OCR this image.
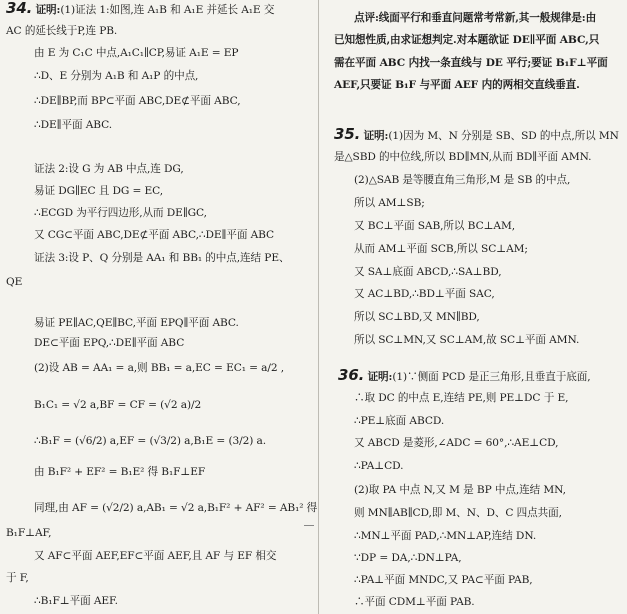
34. 证明:(1)证法 1:如图,连 A₁B 和 A₁E 并延长 A₁E 交
AC 的延长线于P,连 PB.
由 E 为 C₁C 中点,A₁C₁∥CP,易证 A₁E = EP
∴D、E 分别为 A₁B 和 A₁P 的中点,
∴DE∥BP,而 BP⊂平面 ABC,DE⊄平面 ABC,
∴DE∥平面 ABC.
证法 2:设 G 为 AB 中点,连 DG,
易证 DG∥EC 且 DG = EC,
∴ECGD 为平行四边形,从而 DE∥GC,
又 CG⊂平面 ABC,DE⊄平面 ABC,∴DE∥平面 ABC
证法 3:设 P、Q 分别是 AA₁ 和 BB₁ 的中点,连结 PE、
QE
易证 PE∥AC,QE∥BC,平面 EPQ∥平面 ABC.
DE⊂平面 EPQ,∴DE∥平面 ABC
(2)设 AB = AA₁ = a,则 BB₁ = a,EC = EC₁ = a/2 ,
B₁C₁ = √2 a,BF = CF = (√2 a)/2
∴B₁F = (√6/2) a,EF = (√3/2) a,B₁E = (3/2) a.
由 B₁F² + EF² = B₁E² 得 B₁F⊥EF
同理,由 AF = (√2/2) a,AB₁ = √2 a,B₁F² + AF² = AB₁² 得
B₁F⊥AF,
又 AF⊂平面 AEF,EF⊂平面 AEF,且 AF 与 EF 相交
于 F,
∴B₁F⊥平面 AEF.
点评:线面平行和垂直问题常考常新,其一般规律是:由
已知想性质,由求证想判定.对本题欲证 DE∥平面 ABC,只
需在平面 ABC 内找一条直线与 DE 平行;要证 B₁F⊥平面
AEF,只要证 B₁F 与平面 AEF 内的两相交直线垂直.
35. 证明:(1)因为 M、N 分别是 SB、SD 的中点,所以 MN
是△SBD 的中位线,所以 BD∥MN,从而 BD∥平面 AMN.
(2)△SAB 是等腰直角三角形,M 是 SB 的中点,
所以 AM⊥SB;
又 BC⊥平面 SAB,所以 BC⊥AM,
从而 AM⊥平面 SCB,所以 SC⊥AM;
又 SA⊥底面 ABCD,∴SA⊥BD,
又 AC⊥BD,∴BD⊥平面 SAC,
所以 SC⊥BD,又 MN∥BD,
所以 SC⊥MN,又 SC⊥AM,故 SC⊥平面 AMN.
36. 证明:(1)∵侧面 PCD 是正三角形,且垂直于底面,
∴取 DC 的中点 E,连结 PE,则 PE⊥DC 于 E,
∴PE⊥底面 ABCD.
又 ABCD 是菱形,∠ADC = 60°,∴AE⊥CD,
∴PA⊥CD.
(2)取 PA 中点 N,又 M 是 BP 中点,连结 MN,
则 MN∥AB∥CD,即 M、N、D、C 四点共面,
∴MN⊥平面 PAD,∴MN⊥AP,连结 DN.
∵DP = DA,∴DN⊥PA,
∴PA⊥平面 MNDC,又 PA⊂平面 PAB,
∴平面 CDM⊥平面 PAB.
